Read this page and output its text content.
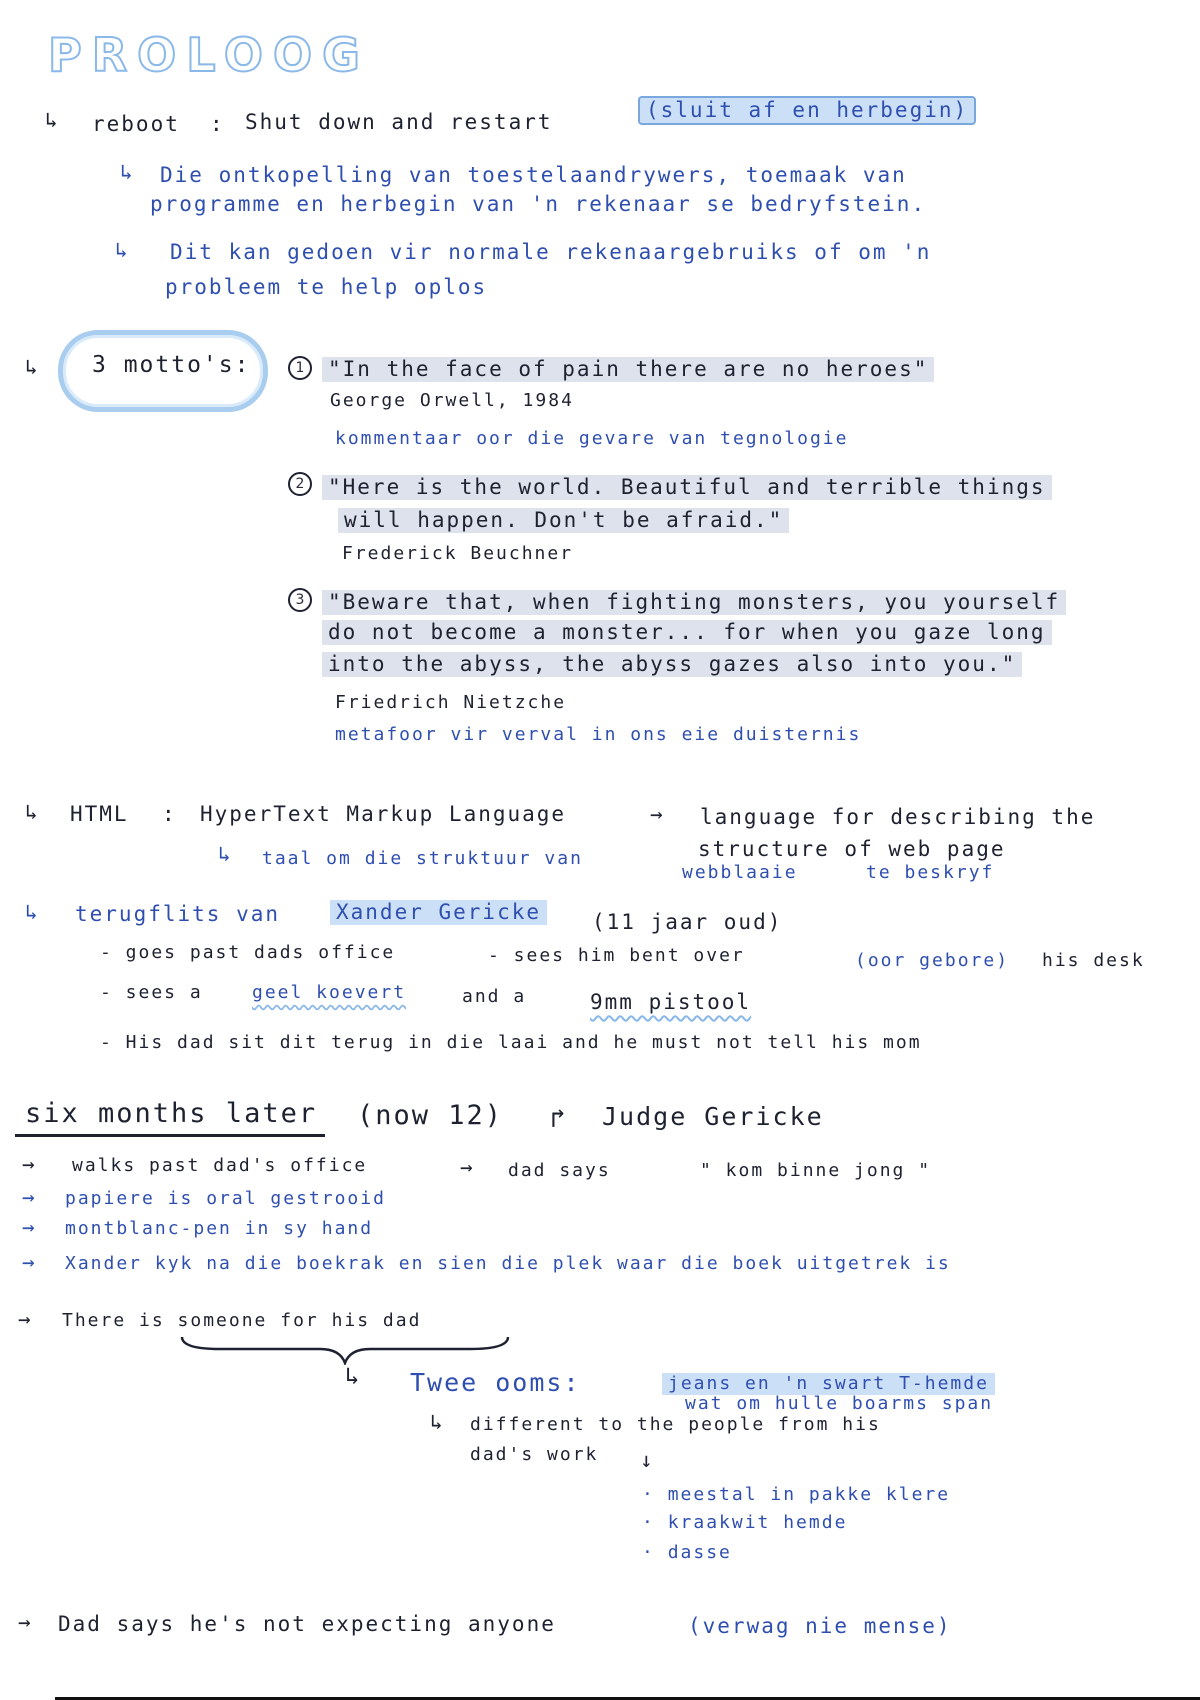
PROLOOG
↳ reboot : Shut down and restart	(sluit af en herbegin)
↳ Die ontkopelling van toestelaandrywers, toemaak van
programme en herbegin van 'n rekenaar se bedryfstein.
↳ Dit kan gedoen vir normale rekenaargebruiks of om 'n
probleem te help oplos
↳ 3 motto's:	1	"In the face of pain there are no heroes"
George Orwell, 1984
kommentaar oor die gevare van tegnologie
2	"Here is the world. Beautiful and terrible things
will happen. Don't be afraid."
Frederick Beuchner
3	"Beware that, when fighting monsters, you yourself
do not become a monster... for when you gaze long
into the abyss, the abyss gazes also into you."
Friedrich Nietzche
metafoor vir verval in ons eie duisternis
↳ HTML : HyperText Markup Language	→ language for describing the
structure of web page
↳ taal om die struktuur van
webblaaie	te beskryf
↳ terugflits van	Xander Gericke (11 jaar oud)
- goes past dads office	- sees him bent over	(oor gebore) his desk
- sees a	geel koevert	and a	9mm pistool
- His dad sit dit terug in die laai and he must not tell his mom
six months later (now 12) ↱ Judge Gericke
→ walks past dad's office	→ dad says	" kom binne jong "
→ papiere is oral gestrooid
→ montblanc-pen in sy hand
→ Xander kyk na die boekrak en sien die plek waar die boek uitgetrek is
→ There is someone for his dad
↳ Twee ooms:	jeans en 'n swart T-hemde
wat om hulle boarms span
↳ different to the people from his
dad's work ↓
· meestal in pakke klere
· kraakwit hemde
· dasse
→ Dad says he's not expecting anyone	(verwag nie mense)
